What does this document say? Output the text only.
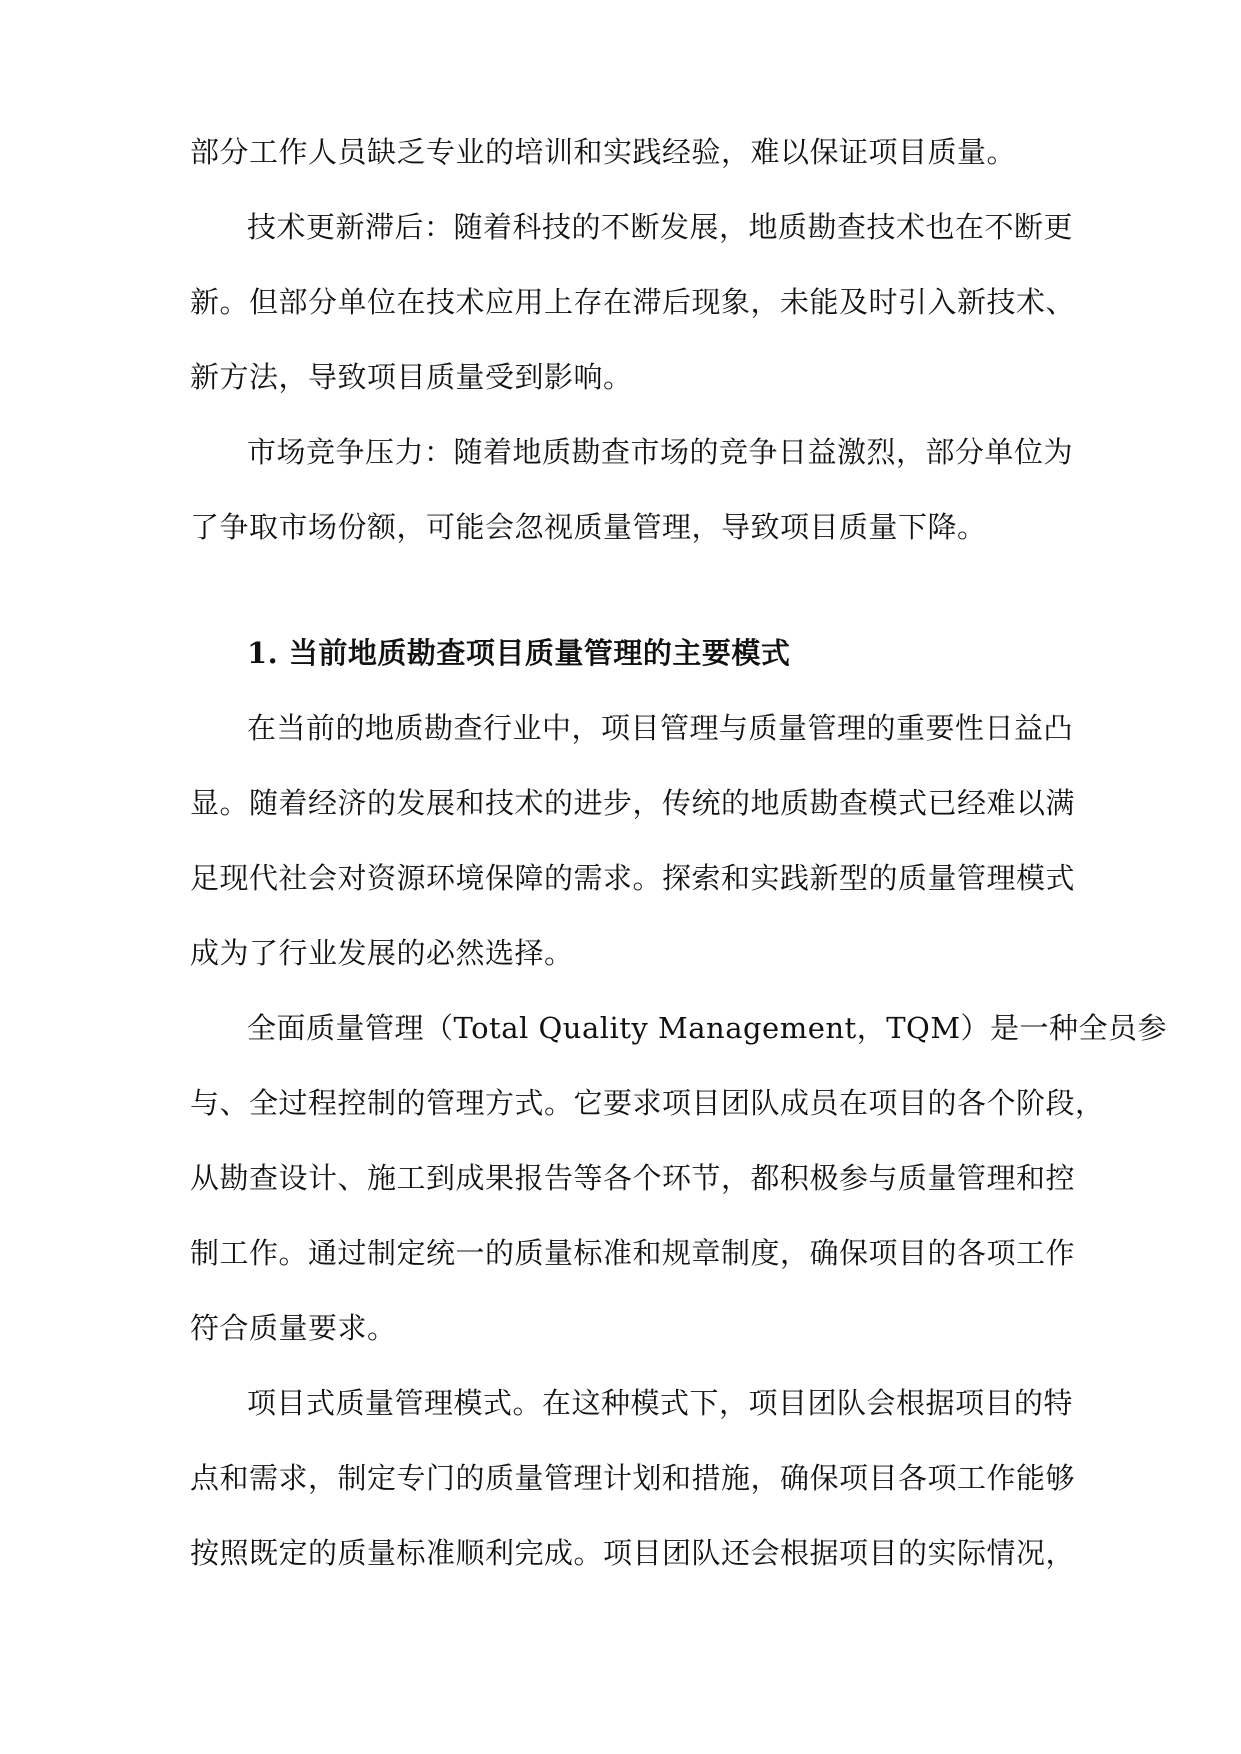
部分工作人员缺乏专业的培训和实践经验，难以保证项目质量。
技术更新滞后：随着科技的不断发展，地质勘查技术也在不断更
新。但部分单位在技术应用上存在滞后现象，未能及时引入新技术、
新方法，导致项目质量受到影响。
市场竞争压力：随着地质勘查市场的竞争日益激烈，部分单位为
了争取市场份额，可能会忽视质量管理，导致项目质量下降。
1. 当前地质勘查项目质量管理的主要模式
在当前的地质勘查行业中，项目管理与质量管理的重要性日益凸
显。随着经济的发展和技术的进步，传统的地质勘查模式已经难以满
足现代社会对资源环境保障的需求。探索和实践新型的质量管理模式
成为了行业发展的必然选择。
全面质量管理（Total Quality Management，TQM）是一种全员参
与、全过程控制的管理方式。它要求项目团队成员在项目的各个阶段，
从勘查设计、施工到成果报告等各个环节，都积极参与质量管理和控
制工作。通过制定统一的质量标准和规章制度，确保项目的各项工作
符合质量要求。
项目式质量管理模式。在这种模式下，项目团队会根据项目的特
点和需求，制定专门的质量管理计划和措施，确保项目各项工作能够
按照既定的质量标准顺利完成。项目团队还会根据项目的实际情况，
